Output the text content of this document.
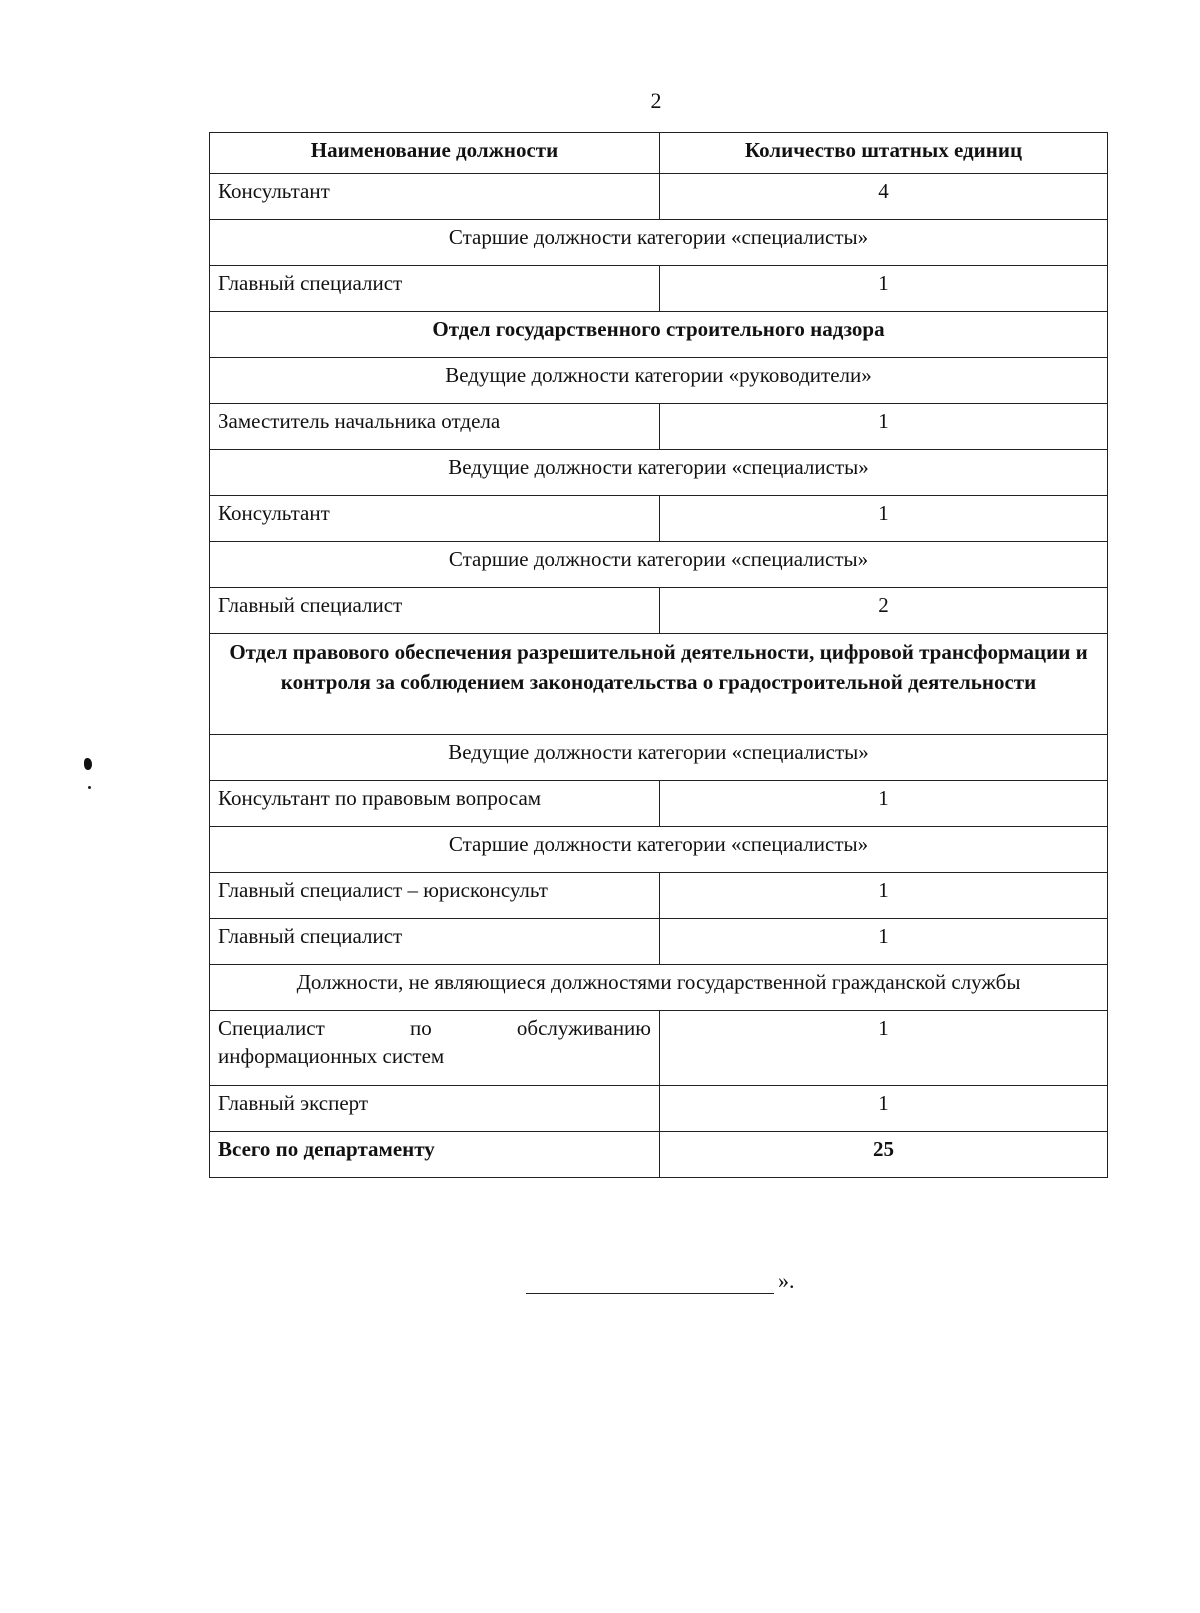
2
Наименование должности	Количество штатных единиц
Консультант	4
Старшие должности категории «специалисты»	
Главный специалист	1
Отдел государственного строительного надзора	
Ведущие должности категории «руководители»	
Заместитель начальника отдела	1
Ведущие должности категории «специалисты»	
Консультант	1
Старшие должности категории «специалисты»	
Главный специалист	2
Отдел правового обеспечения разрешительной деятельности, цифровой трансформации и контроля за соблюдением законодательства о градостроительной деятельности	
Ведущие должности категории «специалисты»	
Консультант по правовым вопросам	1
Старшие должности категории «специалисты»	
Главный специалист – юрисконсульт	1
Главный специалист	1
Должности, не являющиеся должностями государственной гражданской службы	
Специалист по обслуживанию информационных систем	1
Главный эксперт	1
Всего по департаменту	25
».
